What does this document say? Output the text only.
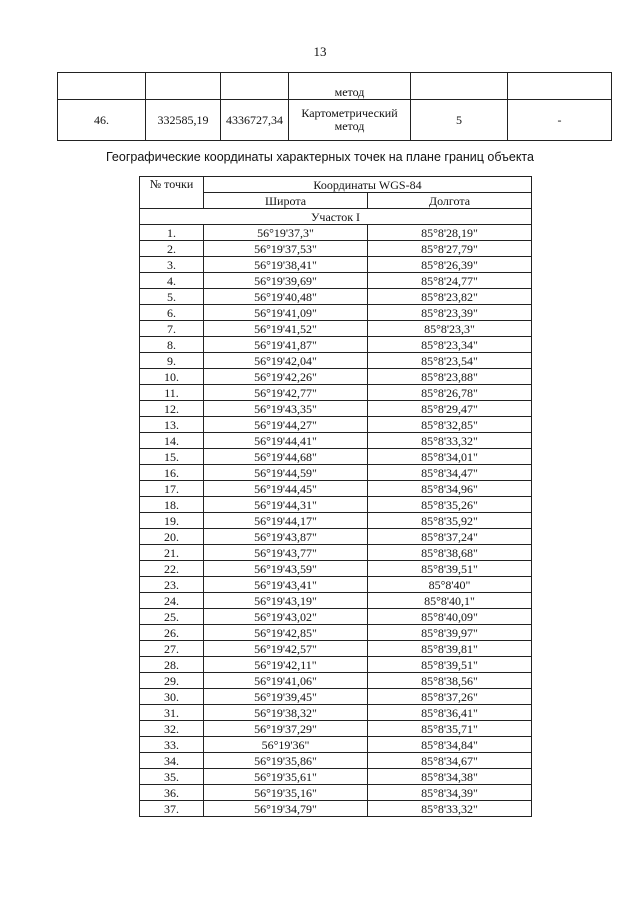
13
			метод		
46.	332585,19	4336727,34	Картометрический метод	5	-
Географические координаты характерных точек на плане границ объекта
№ точки	Координаты WGS-84	
	Широта	Долгота
Участок I		
1.	56°19'37,3"	85°8'28,19"
2.	56°19'37,53"	85°8'27,79"
3.	56°19'38,41"	85°8'26,39"
4.	56°19'39,69"	85°8'24,77"
5.	56°19'40,48"	85°8'23,82"
6.	56°19'41,09"	85°8'23,39"
7.	56°19'41,52"	85°8'23,3"
8.	56°19'41,87"	85°8'23,34"
9.	56°19'42,04"	85°8'23,54"
10.	56°19'42,26"	85°8'23,88"
11.	56°19'42,77"	85°8'26,78"
12.	56°19'43,35"	85°8'29,47"
13.	56°19'44,27"	85°8'32,85"
14.	56°19'44,41"	85°8'33,32"
15.	56°19'44,68"	85°8'34,01"
16.	56°19'44,59"	85°8'34,47"
17.	56°19'44,45"	85°8'34,96"
18.	56°19'44,31"	85°8'35,26"
19.	56°19'44,17"	85°8'35,92"
20.	56°19'43,87"	85°8'37,24"
21.	56°19'43,77"	85°8'38,68"
22.	56°19'43,59"	85°8'39,51"
23.	56°19'43,41"	85°8'40"
24.	56°19'43,19"	85°8'40,1"
25.	56°19'43,02"	85°8'40,09"
26.	56°19'42,85"	85°8'39,97"
27.	56°19'42,57"	85°8'39,81"
28.	56°19'42,11"	85°8'39,51"
29.	56°19'41,06"	85°8'38,56"
30.	56°19'39,45"	85°8'37,26"
31.	56°19'38,32"	85°8'36,41"
32.	56°19'37,29"	85°8'35,71"
33.	56°19'36"	85°8'34,84"
34.	56°19'35,86"	85°8'34,67"
35.	56°19'35,61"	85°8'34,38"
36.	56°19'35,16"	85°8'34,39"
37.	56°19'34,79"	85°8'33,32"
